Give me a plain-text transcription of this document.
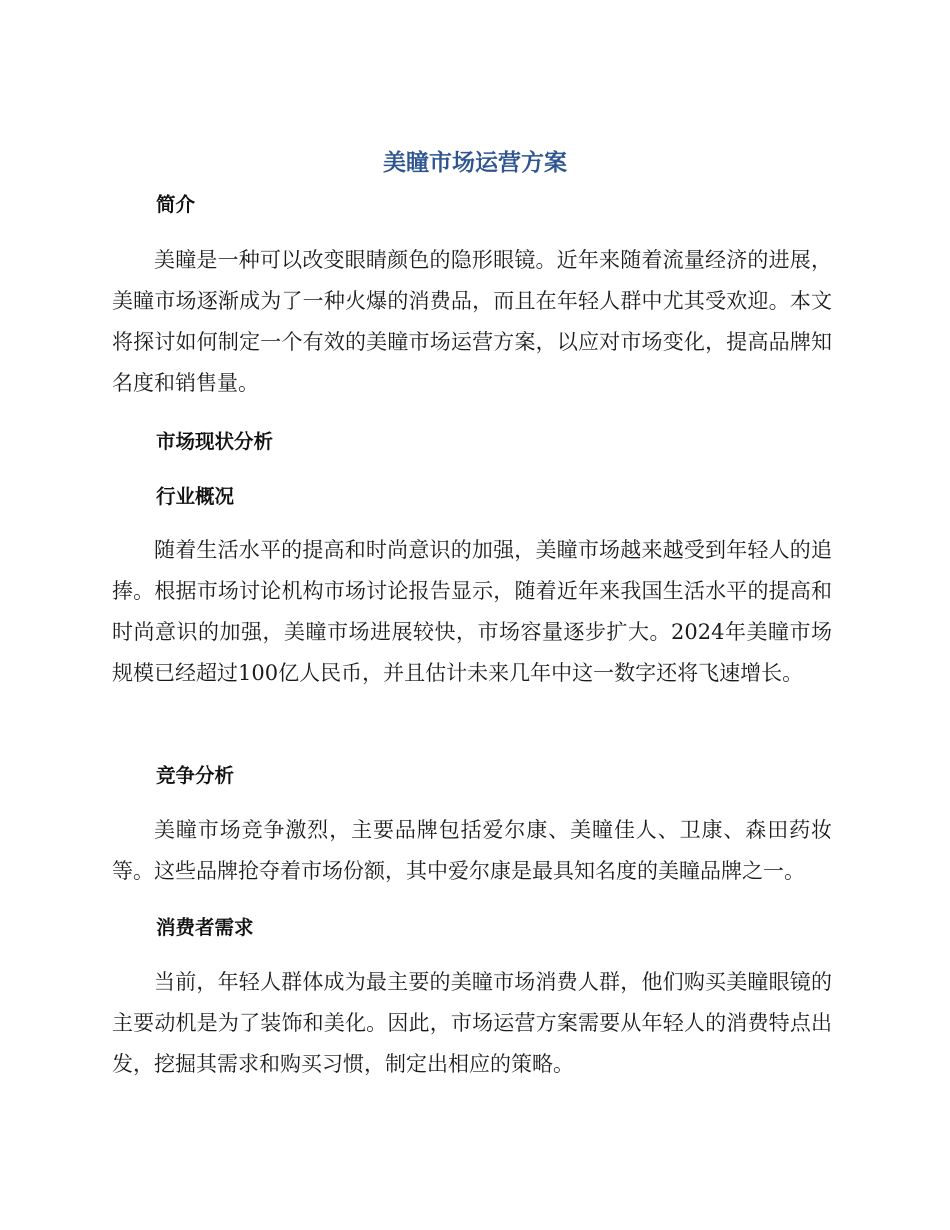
美瞳市场运营方案
简介

美瞳是一种可以改变眼睛颜色的隐形眼镜。近年来随着流量经济的进展，美瞳市场逐渐成为了一种火爆的消费品，而且在年轻人群中尤其受欢迎。本文将探讨如何制定一个有效的美瞳市场运营方案，以应对市场变化，提高品牌知名度和销售量。

市场现状分析
行业概况

随着生活水平的提高和时尚意识的加强，美瞳市场越来越受到年轻人的追捧。根据市场讨论机构市场讨论报告显示，随着近年来我国生活水平的提高和时尚意识的加强，美瞳市场进展较快，市场容量逐步扩大。2024年美瞳市场规模已经超过100亿人民币，并且估计未来几年中这一数字还将飞速增长。

竞争分析

美瞳市场竞争激烈，主要品牌包括爱尔康、美瞳佳人、卫康、森田药妆等。这些品牌抢夺着市场份额，其中爱尔康是最具知名度的美瞳品牌之一。

消费者需求

当前，年轻人群体成为最主要的美瞳市场消费人群，他们购买美瞳眼镜的主要动机是为了装饰和美化。因此，市场运营方案需要从年轻人的消费特点出发，挖掘其需求和购买习惯，制定出相应的策略。
